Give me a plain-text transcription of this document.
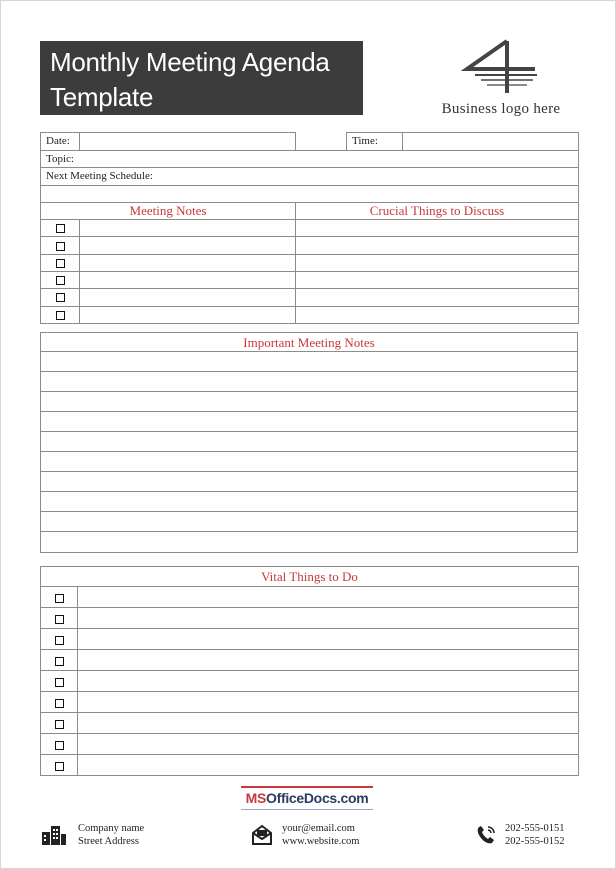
Monthly Meeting Agenda
Template	Business logo here
Date:			Time:

Topic:			
Next Meeting Schedule:			

Meeting Notes		Crucial Things to Discuss	

Important Meeting Notes
Vital Things to Do	

MSOfficeDocs.com
Company name
Street Address
your@email.com
www.website.com
202-555-0151
202-555-0152
